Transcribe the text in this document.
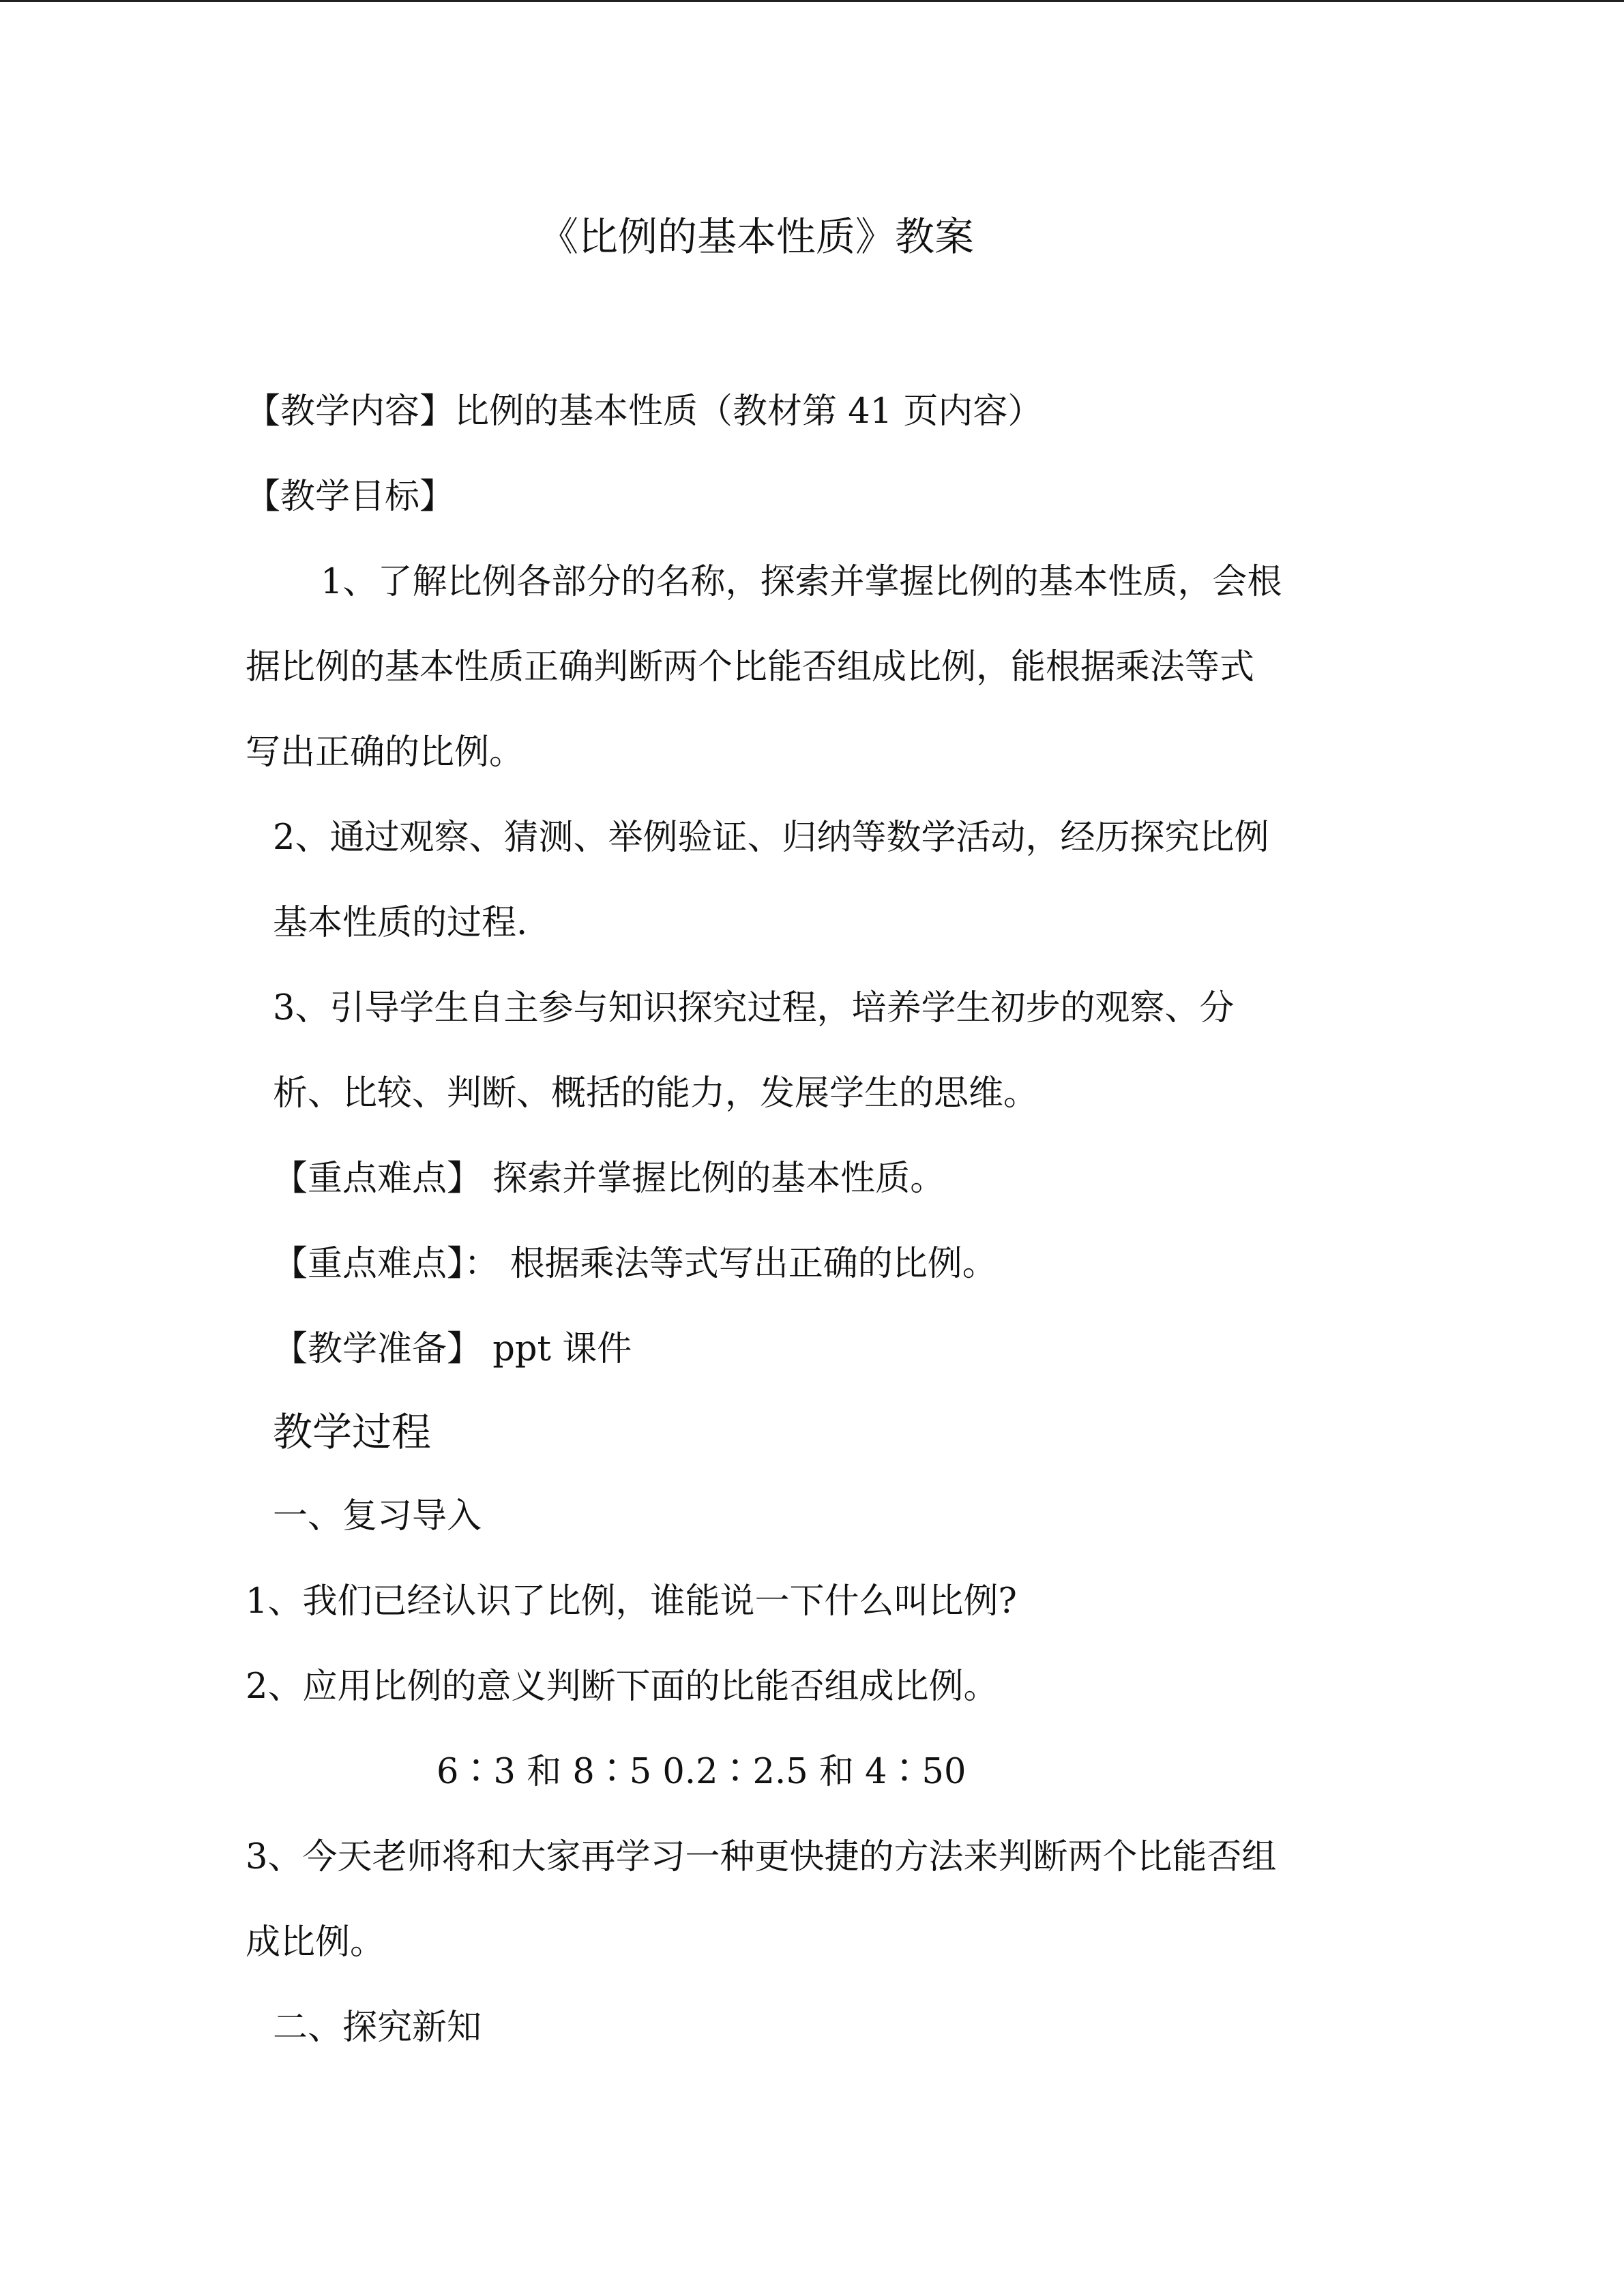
《比例的基本性质》教案
【教学内容】比例的基本性质（教材第 41 页内容）
【教学目标】
1、了解比例各部分的名称，探索并掌握比例的基本性质，会根
据比例的基本性质正确判断两个比能否组成比例，能根据乘法等式
写出正确的比例。
2、通过观察、猜测、举例验证、归纳等数学活动，经历探究比例
基本性质的过程.
3、引导学生自主参与知识探究过程，培养学生初步的观察、分
析、比较、判断、概括的能力，发展学生的思维。
【重点难点】 探索并掌握比例的基本性质。
【重点难点】： 根据乘法等式写出正确的比例。
【教学准备】 ppt 课件
教学过程
一、复习导入
1、我们已经认识了比例，谁能说一下什么叫比例?
2、应用比例的意义判断下面的比能否组成比例。
6∶3 和 8∶5 0.2∶2.5 和 4∶50
3、今天老师将和大家再学习一种更快捷的方法来判断两个比能否组
成比例。
二、探究新知
